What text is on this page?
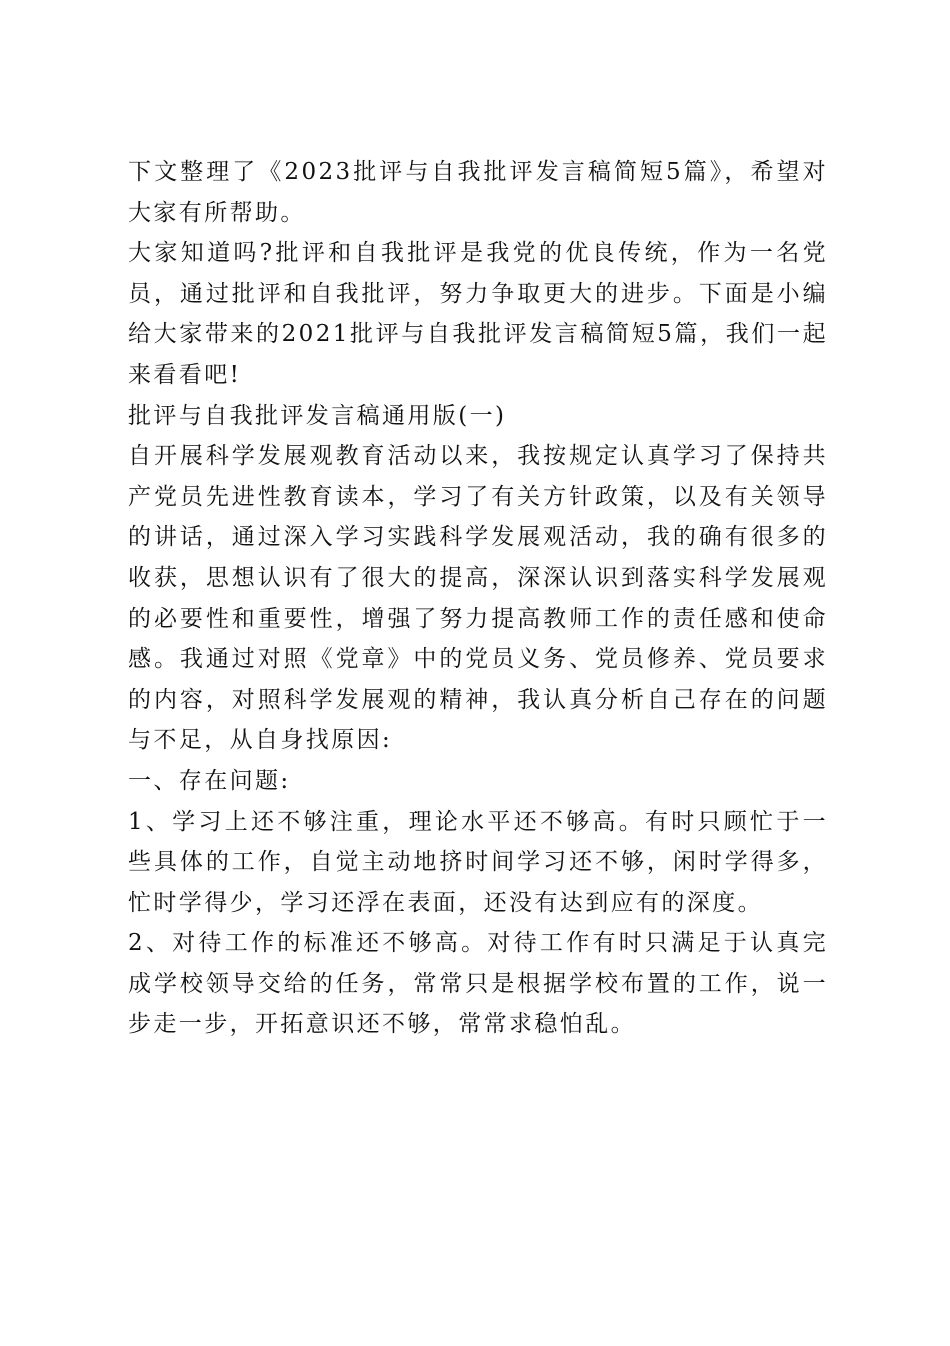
下文整理了《2023批评与自我批评发言稿简短5篇》，希望对大家有所帮助。

大家知道吗?批评和自我批评是我党的优良传统，作为一名党员，通过批评和自我批评，努力争取更大的进步。下面是小编给大家带来的2021批评与自我批评发言稿简短5篇，我们一起来看看吧!

批评与自我批评发言稿通用版(一)

自开展科学发展观教育活动以来，我按规定认真学习了保持共产党员先进性教育读本，学习了有关方针政策，以及有关领导的讲话，通过深入学习实践科学发展观活动，我的确有很多的收获，思想认识有了很大的提高，深深认识到落实科学发展观的必要性和重要性，增强了努力提高教师工作的责任感和使命感。我通过对照《党章》中的党员义务、党员修养、党员要求的内容，对照科学发展观的精神，我认真分析自己存在的问题与不足，从自身找原因:

一、存在问题:

1、学习上还不够注重，理论水平还不够高。有时只顾忙于一些具体的工作，自觉主动地挤时间学习还不够，闲时学得多，忙时学得少，学习还浮在表面，还没有达到应有的深度。

2、对待工作的标准还不够高。对待工作有时只满足于认真完成学校领导交给的任务，常常只是根据学校布置的工作，说一步走一步，开拓意识还不够，常常求稳怕乱。
